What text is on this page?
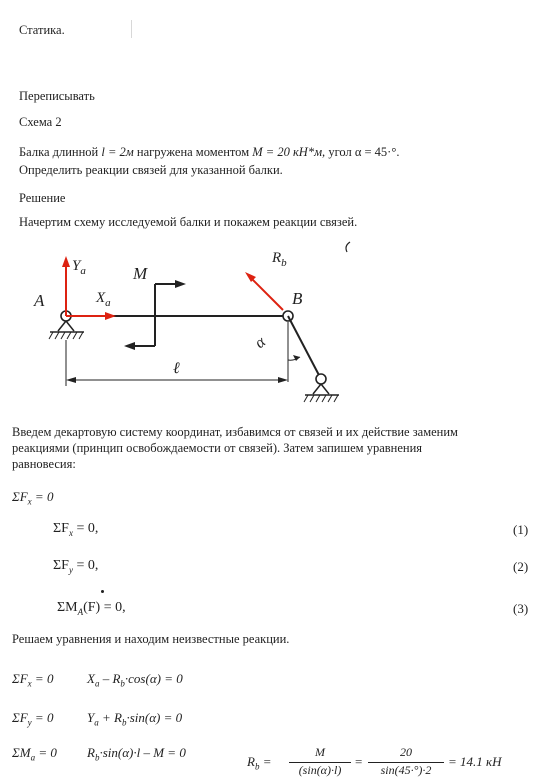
Статика.
Переписывать
Схема 2
Балка длинной l = 2м нагружена моментом M = 20 кН*м, угол α = 45·°.
Определить реакции связей для указанной балки.
Решение
Начертим схему исследуемой балки и покажем реакции связей.
$Y_a$
$X_a$
A
M
$R_b$
B
α
ℓ
Введем декартовую систему координат, избавимся от связей и их действие заменим
реакциями (принцип освобождаемости от связей). Затем запишем уравнения
равновесия:
$\Sigma F_x = 0$
$\Sigma F_x = 0$,	(1)
$\Sigma F_y = 0$,	(2)
$\Sigma M_A(F) = 0$,	(3)
Решаем уравнения и находим неизвестные реакции.
$\Sigma F_x = 0$	$X_a - R_b\cdot\cos(\alpha) = 0$
$\Sigma F_y = 0$	$Y_a + R_b\cdot\sin(\alpha) = 0$
$\Sigma M_a = 0$ $R_b\cdot\sin(\alpha)\cdot l - M = 0$
$R_b = \frac{M}{(\sin(\alpha)\cdot l)} = \frac{20}{\sin(45\cdot^\circ)\cdot 2} = 14.1$ кН
